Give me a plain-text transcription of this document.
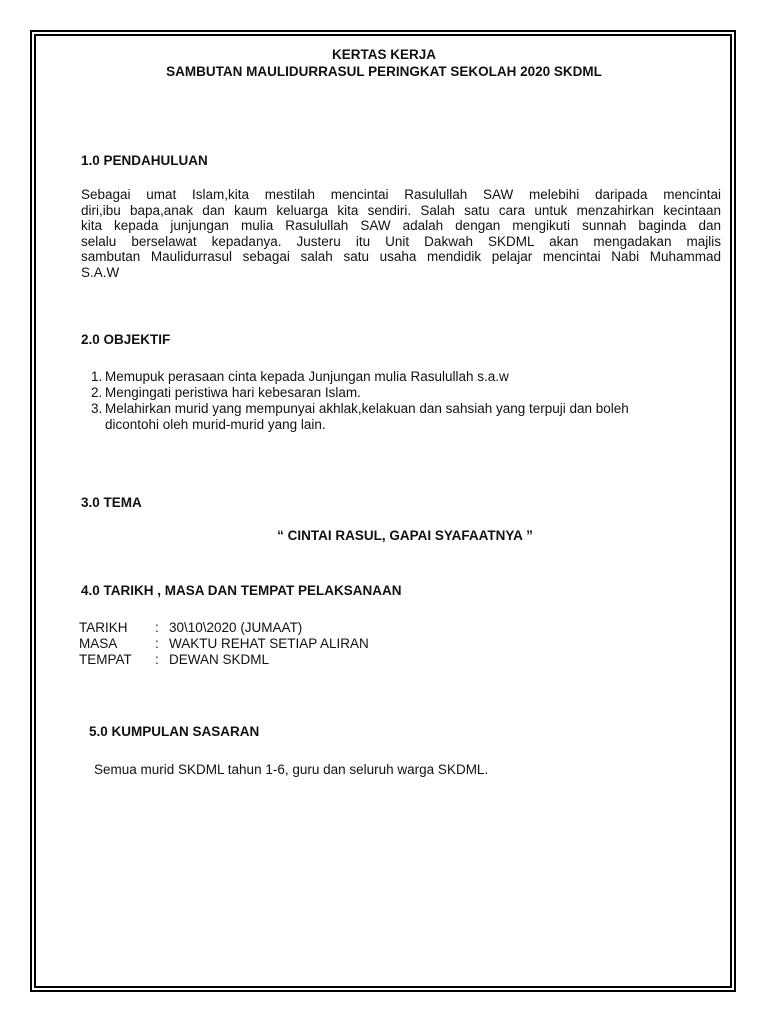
KERTAS KERJA
SAMBUTAN MAULIDURRASUL PERINGKAT SEKOLAH 2020 SKDML
1.0 PENDAHULUAN
Sebagai umat Islam,kita mestilah mencintai Rasulullah SAW melebihi daripada mencintai
diri,ibu bapa,anak dan kaum keluarga kita sendiri. Salah satu cara untuk menzahirkan kecintaan
kita kepada junjungan mulia Rasulullah SAW adalah dengan mengikuti sunnah baginda dan
selalu berselawat kepadanya. Justeru itu Unit Dakwah SKDML akan mengadakan majlis
sambutan Maulidurrasul sebagai salah satu usaha mendidik pelajar mencintai Nabi Muhammad
S.A.W
2.0 OBJEKTIF
1. Memupuk perasaan cinta kepada Junjungan mulia Rasulullah s.a.w
2. Mengingati peristiwa hari kebesaran Islam.
3. Melahirkan murid yang mempunyai akhlak,kelakuan dan sahsiah yang terpuji dan boleh
dicontohi oleh murid-murid yang lain.
3.0 TEMA
“ CINTAI RASUL, GAPAI SYAFAATNYA ”
4.0 TARIKH , MASA DAN TEMPAT PELAKSANAAN
TARIKH : 30\10\2020 (JUMAAT)
MASA	: WAKTU REHAT SETIAP ALIRAN
TEMPAT : DEWAN SKDML
5.0 KUMPULAN SASARAN
Semua murid SKDML tahun 1-6, guru dan seluruh warga SKDML.
